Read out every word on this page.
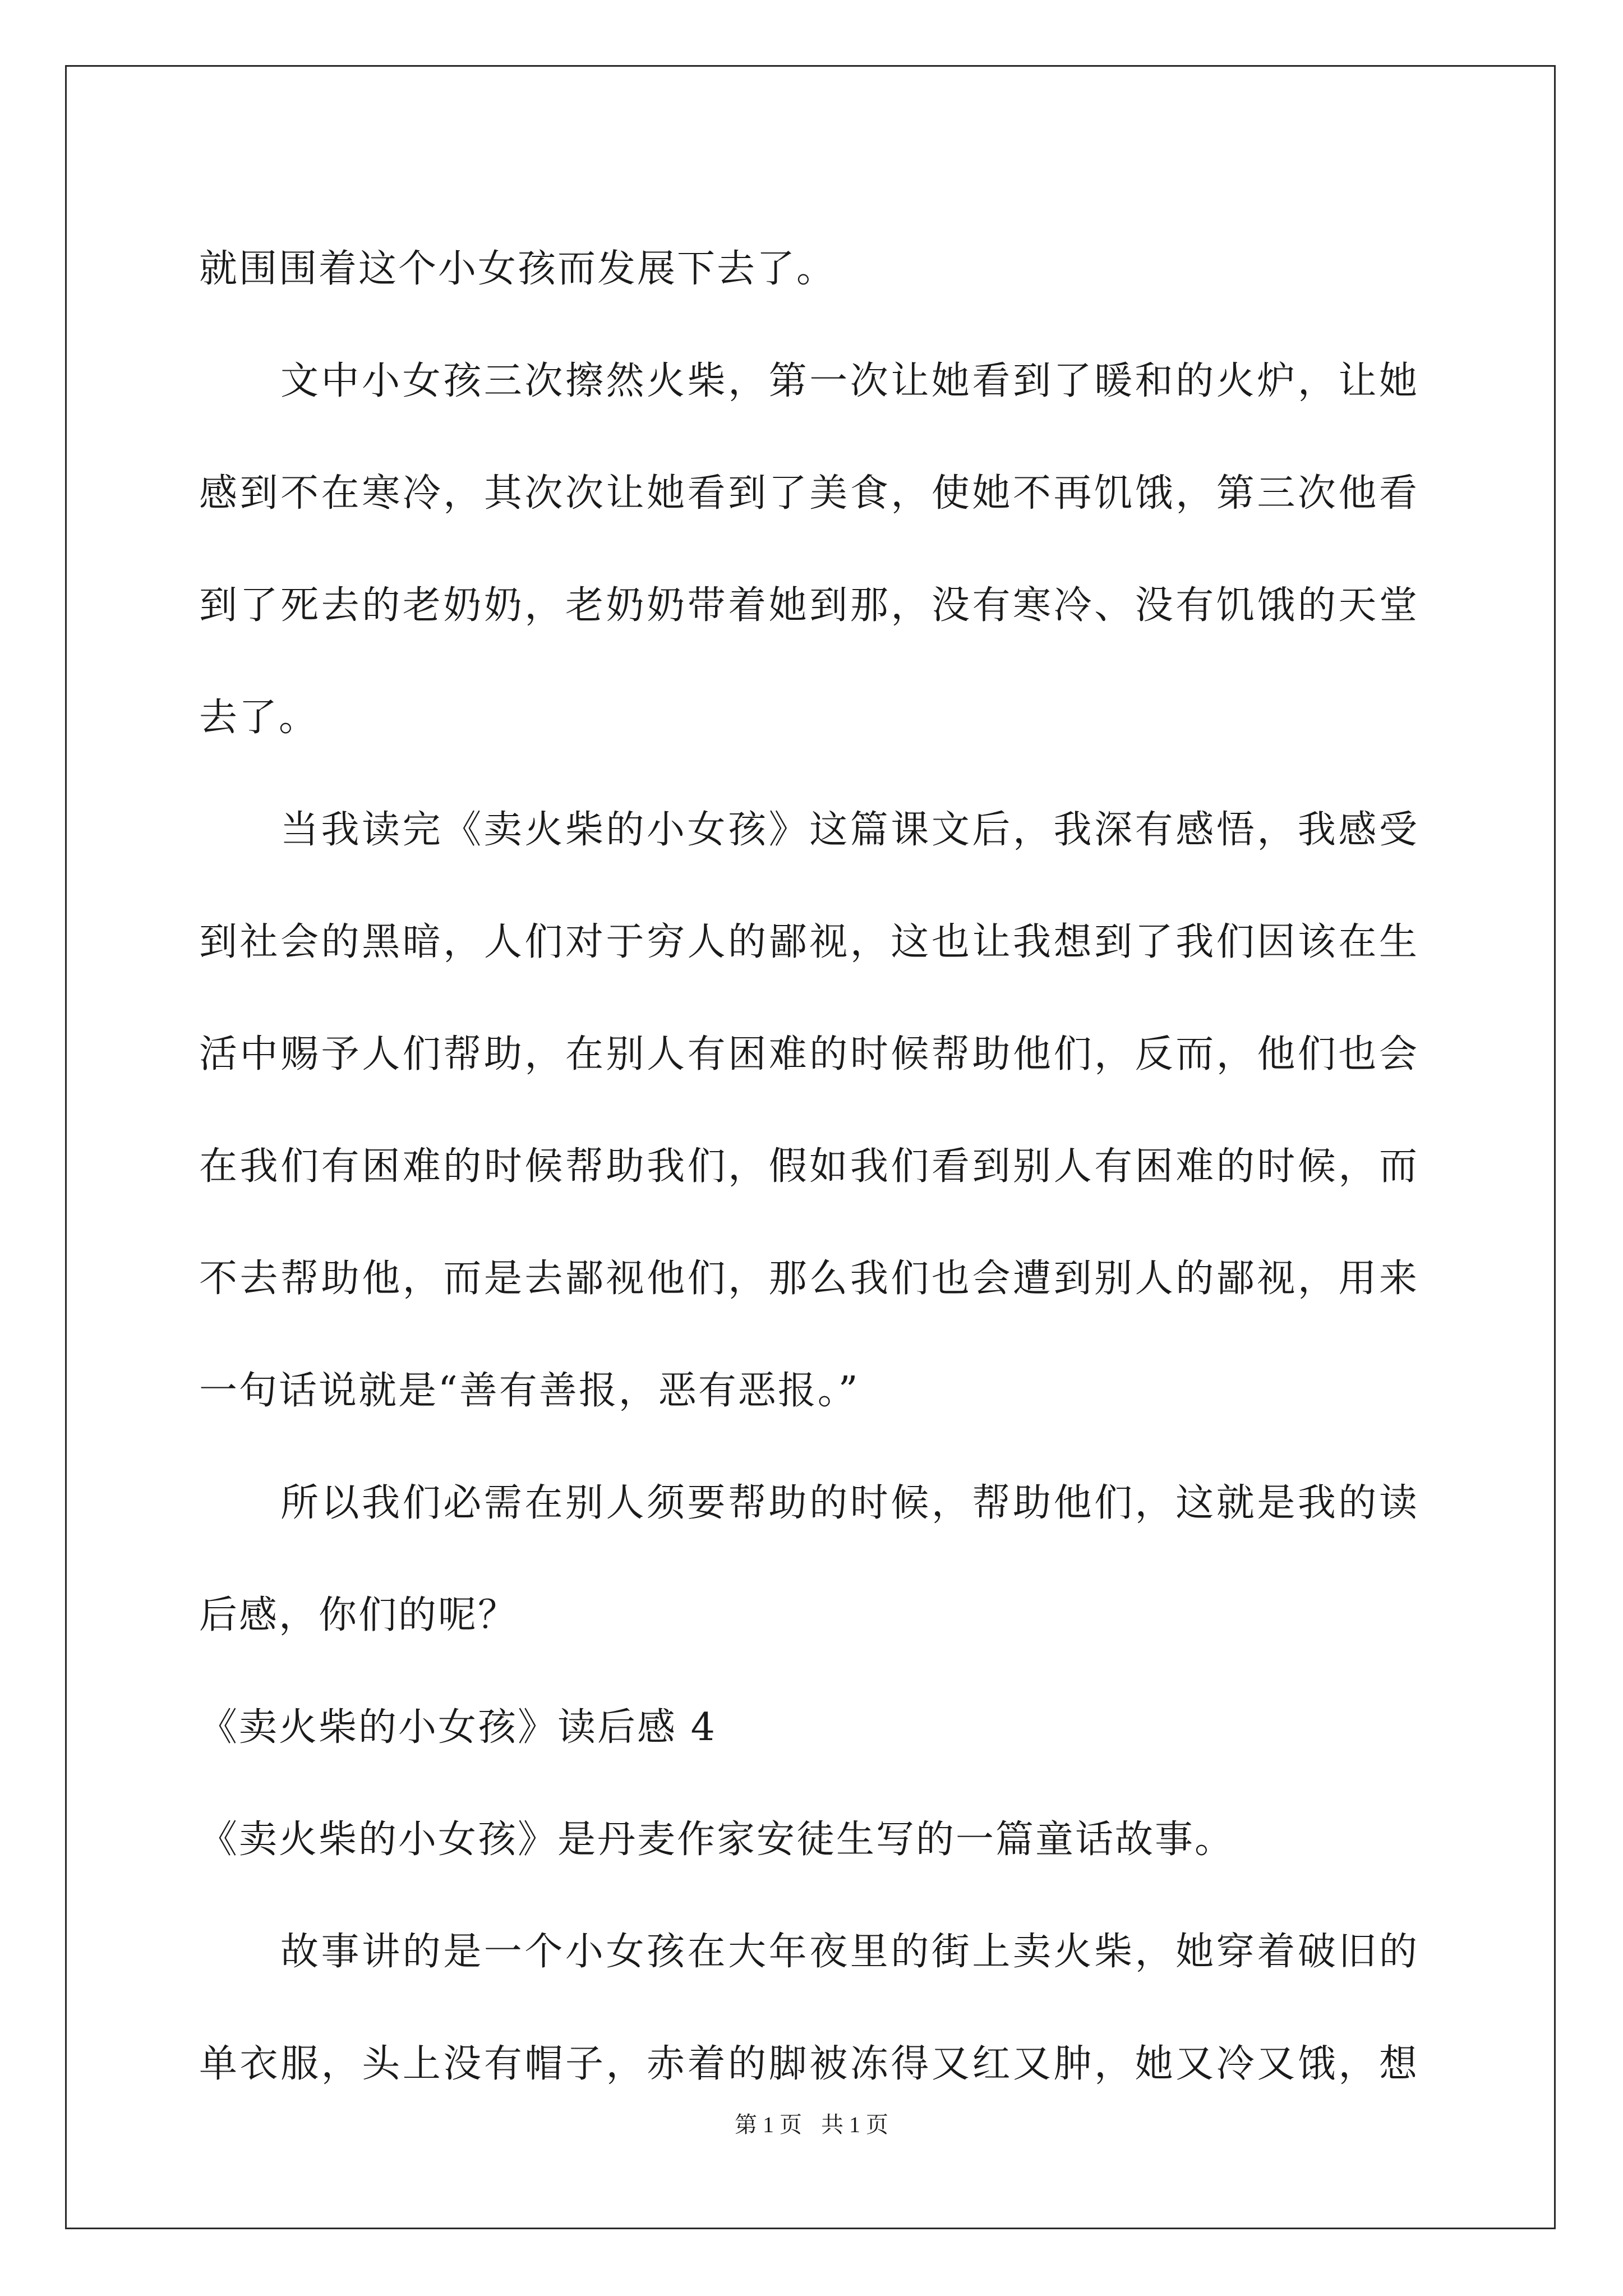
就围围着这个小女孩而发展下去了。
文中小女孩三次擦然火柴，第一次让她看到了暖和的火炉，让她
感到不在寒冷，其次次让她看到了美食，使她不再饥饿，第三次他看
到了死去的老奶奶，老奶奶带着她到那，没有寒冷、没有饥饿的天堂
去了。
当我读完《卖火柴的小女孩》这篇课文后，我深有感悟，我感受
到社会的黑暗，人们对于穷人的鄙视，这也让我想到了我们因该在生
活中赐予人们帮助，在别人有困难的时候帮助他们，反而，他们也会
在我们有困难的时候帮助我们，假如我们看到别人有困难的时候，而
不去帮助他，而是去鄙视他们，那么我们也会遭到别人的鄙视，用来
一句话说就是“善有善报，恶有恶报。”
所以我们必需在别人须要帮助的时候，帮助他们，这就是我的读
后感，你们的呢？
《卖火柴的小女孩》读后感 4
《卖火柴的小女孩》是丹麦作家安徒生写的一篇童话故事。
故事讲的是一个小女孩在大年夜里的街上卖火柴，她穿着破旧的
单衣服，头上没有帽子，赤着的脚被冻得又红又肿，她又冷又饿，想
第 1 页 共 1 页
